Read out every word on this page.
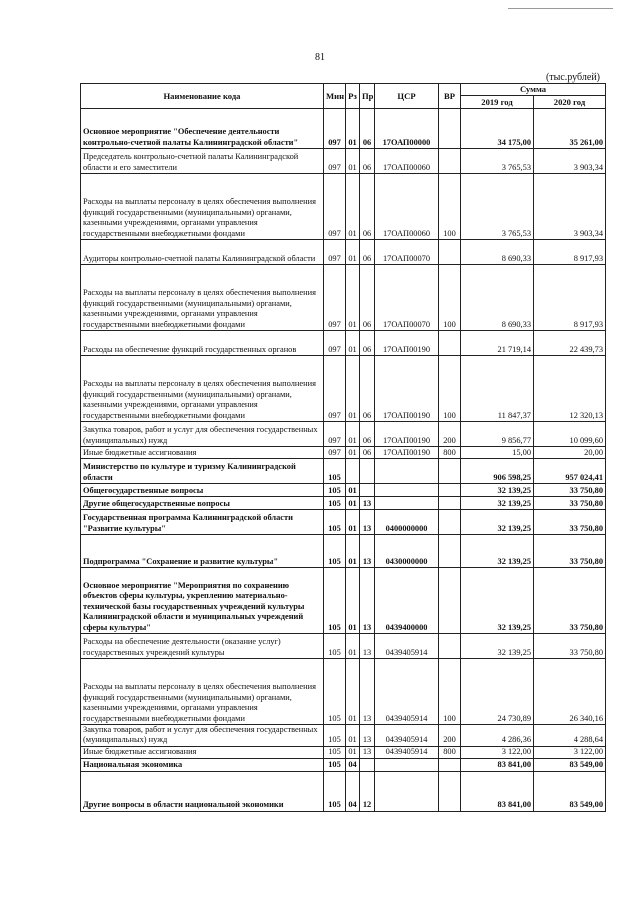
81
(тыс.рублей)
Наименование кода	Мин	Рз	Пр	ЦСР	ВР	Сумма	
						2019 год	2020 год
Основное мероприятие "Обеспечение деятельности контрольно-счетной палаты Калининградской области"	097	01	06	17ОАП00000		34 175,00	35 261,00
Председатель контрольно-счетной палаты Калининградской области и его заместители	097	01	06	17ОАП00060		3 765,53	3 903,34
Расходы на выплаты персоналу в целях обеспечения выполнения функций государственными (муниципальными) органами, казенными учреждениями, органами управления государственными внебюджетными фондами	097	01	06	17ОАП00060	100	3 765,53	3 903,34
Аудиторы контрольно-счетной палаты Калининградской области	097	01	06	17ОАП00070		8 690,33	8 917,93
Расходы на выплаты персоналу в целях обеспечения выполнения функций государственными (муниципальными) органами, казенными учреждениями, органами управления государственными внебюджетными фондами	097	01	06	17ОАП00070	100	8 690,33	8 917,93
Расходы на обеспечение функций государственных органов	097	01	06	17ОАП00190		21 719,14	22 439,73
Расходы на выплаты персоналу в целях обеспечения выполнения функций государственными (муниципальными) органами, казенными учреждениями, органами управления государственными внебюджетными фондами	097	01	06	17ОАП00190	100	11 847,37	12 320,13
Закупка товаров, работ и услуг для обеспечения государственных (муниципальных) нужд	097	01	06	17ОАП00190	200	9 856,77	10 099,60
Иные бюджетные ассигнования	097	01	06	17ОАП00190	800	15,00	20,00
Министерство по культуре и туризму Калининградской области	105					906 598,25	957 024,41
Общегосударственные вопросы	105	01				32 139,25	33 750,80
Другие общегосударственные вопросы	105	01	13			32 139,25	33 750,80
Государственная программа Калининградской области "Развитие культуры"	105	01	13	0400000000		32 139,25	33 750,80
Подпрограмма "Сохранение и развитие культуры"	105	01	13	0430000000		32 139,25	33 750,80
Основное мероприятие "Мероприятия по сохранению объектов сферы культуры, укреплению материально-технической базы государственных учреждений культуры Калининградской области и муниципальных учреждений сферы культуры"	105	01	13	0439400000		32 139,25	33 750,80
Расходы на обеспечение деятельности (оказание услуг) государственных учреждений культуры	105	01	13	0439405914		32 139,25	33 750,80
Расходы на выплаты персоналу в целях обеспечения выполнения функций государственными (муниципальными) органами, казенными учреждениями, органами управления государственными внебюджетными фондами	105	01	13	0439405914	100	24 730,89	26 340,16
Закупка товаров, работ и услуг для обеспечения государственных (муниципальных) нужд	105	01	13	0439405914	200	4 286,36	4 288,64
Иные бюджетные ассигнования	105	01	13	0439405914	800	3 122,00	3 122,00
Национальная экономика	105	04				83 841,00	83 549,00
Другие вопросы в области национальной экономики	105	04	12			83 841,00	83 549,00
